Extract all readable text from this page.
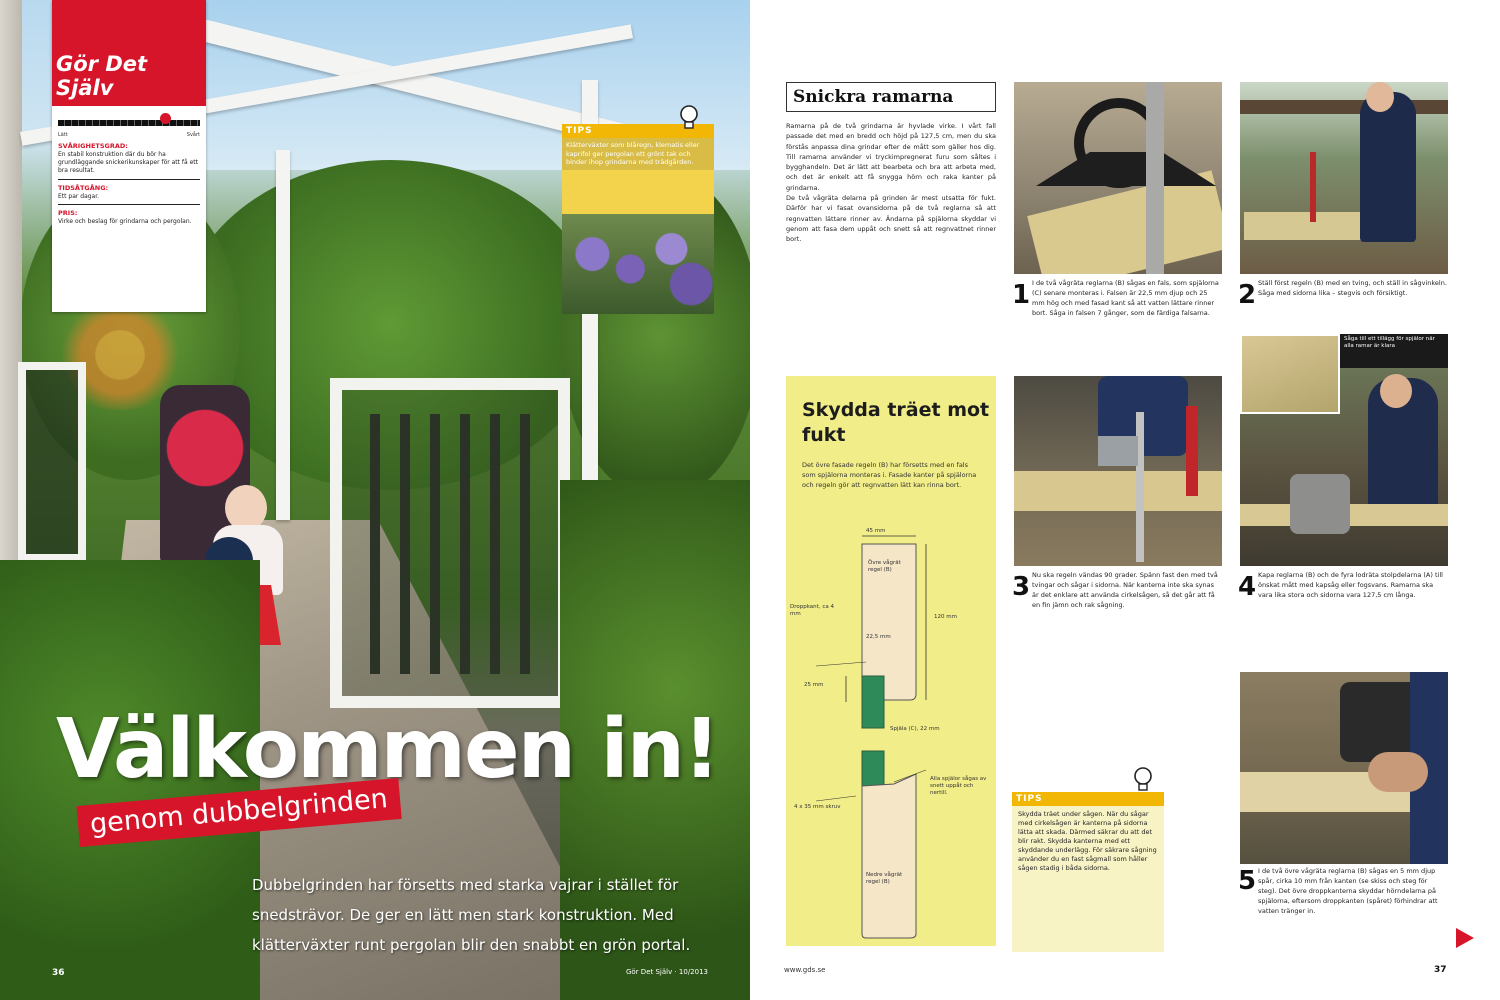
Gör Det Själv
Lätt	Svårt
SVÅRIGHETSGRAD:
En stabil konstruktion där du bör ha grundläggande snickerikunskaper för att få ett bra resultat.
TIDSÅTGÅNG:
Ett par dagar.
PRIS:
Virke och beslag för grindarna och pergolan.
TIPS
Klätterväxter som blåregn, klematis eller kaprifol ger pergolan ett grönt tak och binder ihop grindarna med trädgården.
Välkommen in!
genom dubbelgrinden
Dubbelgrinden har försetts med starka vajrar i stället för snedsträvor. De ger en lätt men stark konstruktion. Med klätterväxter runt pergolan blir den snabbt en grön portal.
36	Gör Det Själv · 10/2013
Snickra ramarna

Ramarna på de två grindarna är hyvlade virke. I vårt fall passade det med en bredd och höjd på 127,5 cm, men du ska förstås anpassa dina grindar efter de mått som gäller hos dig. Till ramarna använder vi tryckimpregnerat furu som såltes i bygghandeln. Det är lätt att bearbeta och bra att arbeta med, och det är enkelt att få snygga hörn och raka kanter på grindarna.

De två vågräta delarna på grinden är mest utsatta för fukt. Därför har vi fasat ovansidorna på de två reglarna så att regnvatten lättare rinner av. Ändarna på spjälorna skyddar vi genom att fasa dem uppåt och snett så att regnvattnet rinner bort.

Skydda träet mot fukt
Det övre fasade regeln (B) har försetts med en fals som spjälorna monteras i. Fasade kanter på spjälorna och regeln gör att regnvatten lätt kan rinna bort.
45 mm
Övre vågrät regel (B)
120 mm
Droppkant, ca 4 mm
22,5 mm
25 mm
Spjäla (C), 22 mm
Alla spjälor sågas av snett uppåt och nertill.
4 x 35 mm skruv
Nedre vågrät regel (B)
1 I de två vågräta reglarna (B) sågas en fals, som spjälorna (C) senare monteras i. Falsen är 22,5 mm djup och 25 mm hög och med fasad kant så att vatten lättare rinner bort. Såga in falsen 7 gånger, som de färdiga falsarna.
2 Ställ först regeln (B) med en tving, och ställ in sågvinkeln. Såga med sidorna lika – stegvis och försiktigt.
3 Nu ska regeln vändas 90 grader. Spänn fast den med två tvingar och sågar i sidorna. När kanterna inte ska synas är det enklare att använda cirkelsågen, så det går att få en fin jämn och rak sågning.
Såga till ett tillägg för spjälor när alla ramar är klara
4 Kapa reglarna (B) och de fyra lodräta stolpdelarna (A) till önskat mått med kapsåg eller fogsvans. Ramarna ska vara lika stora och sidorna vara 127,5 cm långa.
5 I de två övre vågräta reglarna (B) sågas en 5 mm djup spår, cirka 10 mm från kanten (se skiss och steg för steg). Det övre droppkanterna skyddar hörndelarna på spjälorna, eftersom droppkanten (spåret) förhindrar att vatten tränger in.
TIPS
Skydda träet under sågen. När du sågar med cirkelsågen är kanterna på sidorna lätta att skada. Därmed säkrar du att det blir rakt. Skydda kanterna med ett skyddande underlägg. För säkrare sågning använder du en fast sågmall som håller sågen stadig i båda sidorna.
www.gds.se	37
